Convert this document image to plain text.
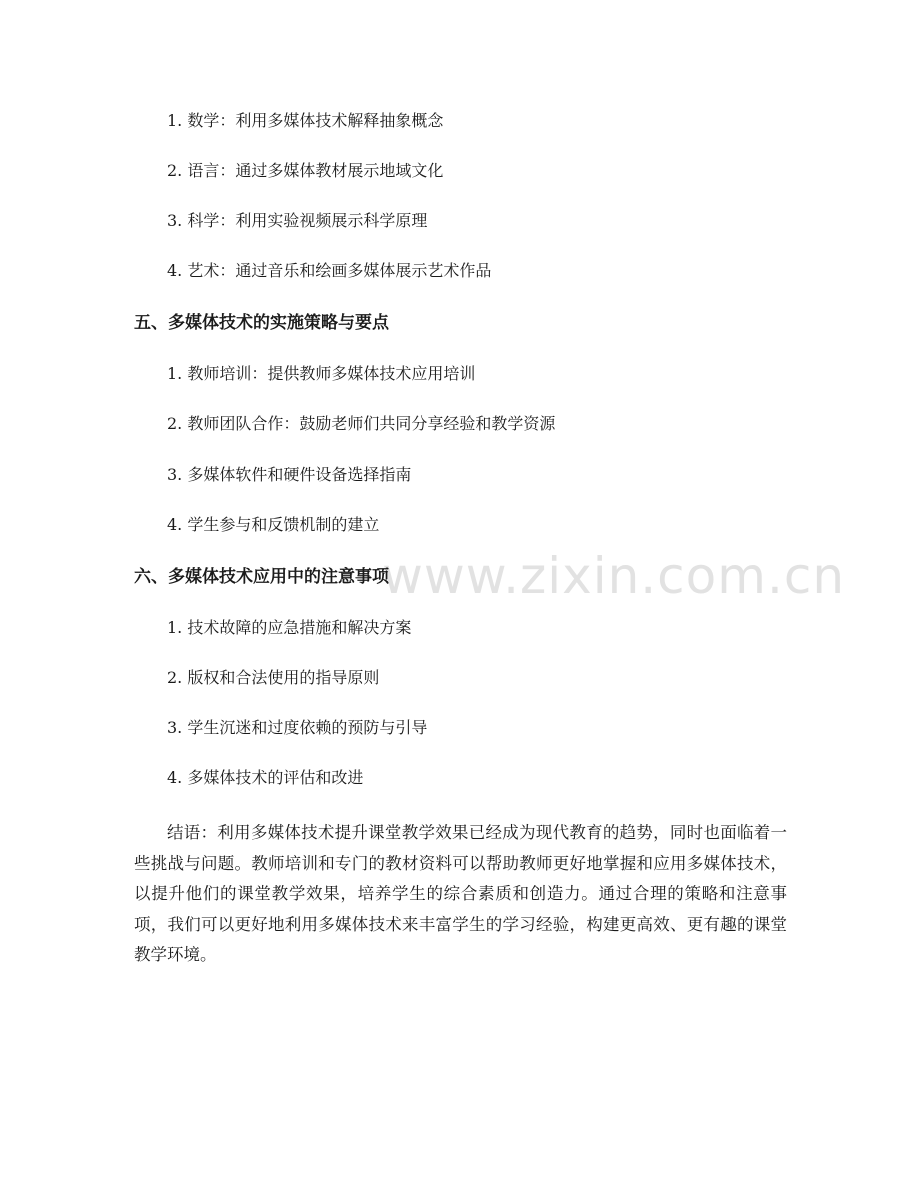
1. 数学：利用多媒体技术解释抽象概念
2. 语言：通过多媒体教材展示地域文化
3. 科学：利用实验视频展示科学原理
4. 艺术：通过音乐和绘画多媒体展示艺术作品
五、多媒体技术的实施策略与要点
1. 教师培训：提供教师多媒体技术应用培训
2. 教师团队合作：鼓励老师们共同分享经验和教学资源
3. 多媒体软件和硬件设备选择指南
4. 学生参与和反馈机制的建立
www.zixin.com.cn
六、多媒体技术应用中的注意事项
1. 技术故障的应急措施和解决方案
2. 版权和合法使用的指导原则
3. 学生沉迷和过度依赖的预防与引导
4. 多媒体技术的评估和改进

结语：利用多媒体技术提升课堂教学效果已经成为现代教育的趋势，同时也面临着一些挑战与问题。教师培训和专门的教材资料可以帮助教师更好地掌握和应用多媒体技术，以提升他们的课堂教学效果，培养学生的综合素质和创造力。通过合理的策略和注意事项，我们可以更好地利用多媒体技术来丰富学生的学习经验，构建更高效、更有趣的课堂教学环境。
